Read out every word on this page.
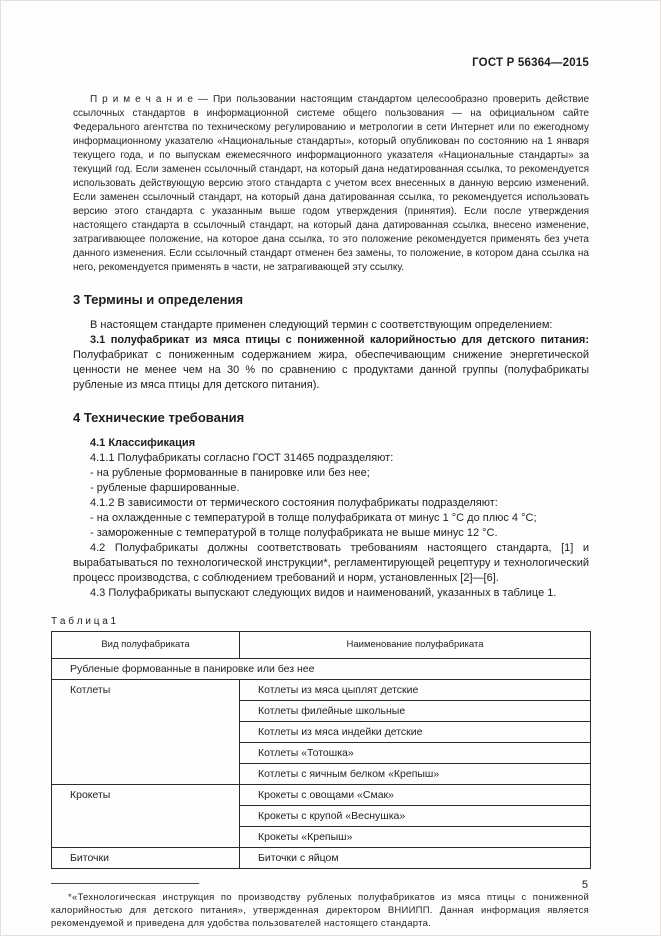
ГОСТ Р 56364—2015

П р и м е ч а н и е — При пользовании настоящим стандартом целесообразно проверить действие ссылочных стандартов в информационной системе общего пользования — на официальном сайте Федерального агентства по техническому регулированию и метрологии в сети Интернет или по ежегодному информационному указателю «Национальные стандарты», который опубликован по состоянию на 1 января текущего года, и по выпускам ежемесячного информационного указателя «Национальные стандарты» за текущий год. Если заменен ссылочный стандарт, на который дана недатированная ссылка, то рекомендуется использовать действующую версию этого стандарта с учетом всех внесенных в данную версию изменений. Если заменен ссылочный стандарт, на который дана датированная ссылка, то рекомендуется использовать версию этого стандарта с указанным выше годом утверждения (принятия). Если после утверждения настоящего стандарта в ссылочный стандарт, на который дана датированная ссылка, внесено изменение, затрагивающее положение, на которое дана ссылка, то это положение рекомендуется применять без учета данного изменения. Если ссылочный стандарт отменен без замены, то положение, в котором дана ссылка на него, рекомендуется применять в части, не затрагивающей эту ссылку.

3 Термины и определения

В настоящем стандарте применен следующий термин с соответствующим определением:

3.1 полуфабрикат из мяса птицы с пониженной калорийностью для детского питания: Полуфабрикат с пониженным содержанием жира, обеспечивающим снижение энергетической ценности не менее чем на 30 % по сравнению с продуктами данной группы (полуфабрикаты рубленые из мяса птицы для детского питания).

4 Технические требования

4.1 Классификация

4.1.1 Полуфабрикаты согласно ГОСТ 31465 подразделяют:

- на рубленые формованные в панировке или без нее;

- рубленые фаршированные.

4.1.2 В зависимости от термического состояния полуфабрикаты подразделяют:

- на охлажденные с температурой в толще полуфабриката от минус 1 °С до плюс 4 °С;

- замороженные с температурой в толще полуфабриката не выше минус 12 °С.

4.2 Полуфабрикаты должны соответствовать требованиям настоящего стандарта, [1] и вырабатываться по технологической инструкции*, регламентирующей рецептуру и технологический процесс производства, с соблюдением требований и норм, установленных [2]—[6].

4.3 Полуфабрикаты выпускают следующих видов и наименований, указанных в таблице 1.

Т а б л и ц а 1
Вид полуфабриката	Наименование полуфабриката
Рубленые формованные в панировке или без нее	
Котлеты	Котлеты из мяса цыплят детские
	Котлеты филейные школьные
	Котлеты из мяса индейки детские
	Котлеты «Тотошка»
	Котлеты с яичным белком «Крепыш»
Крокеты	Крокеты с овощами «Смак»
	Крокеты с крупой «Веснушка»
	Крокеты «Крепыш»
Биточки	Биточки с яйцом

*«Технологическая инструкция по производству рубленых полуфабрикатов из мяса птицы с пониженной калорийностью для детского питания», утвержденная директором ВНИИПП. Данная информация является рекомендуемой и приведена для удобства пользователей настоящего стандарта.

5
